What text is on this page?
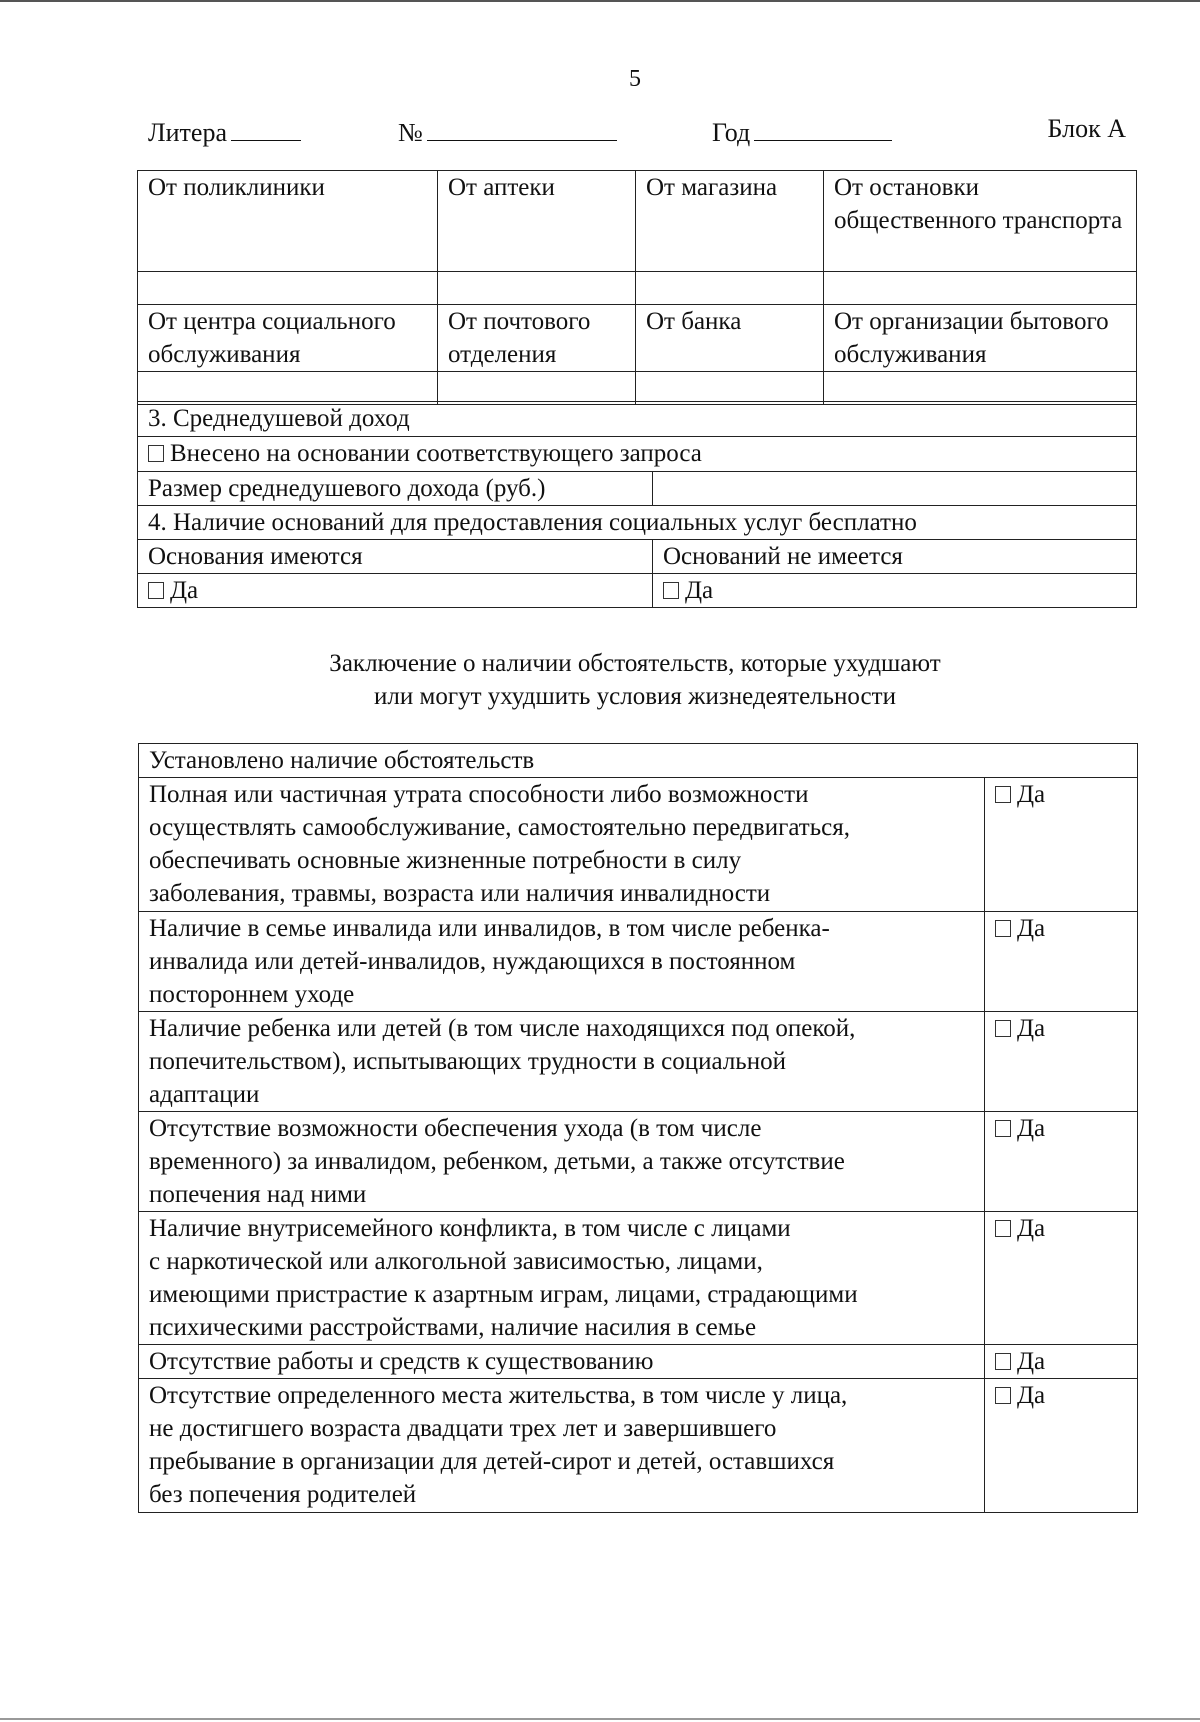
5
Литера	№	Год	Блок А
От поликлиники	От аптеки	От магазина	От остановки общественного транспорта

От центра социального обслуживания	От почтового отделения	От банка	От организации бытового обслуживания

3. Среднедушевой доход	
Внесено на основании соответствующего запроса	
Размер среднедушевого дохода (руб.)	
4. Наличие оснований для предоставления социальных услуг бесплатно	
Основания имеются	Оснований не имеется
Да	Да
Заключение о наличии обстоятельств, которые ухудшают
или могут ухудшить условия жизнедеятельности
Установлено наличие обстоятельств	

Полная или частичная утрата способности либо возможности
осуществлять самообслуживание, самостоятельно передвигаться,
обеспечивать основные жизненные потребности в силу
заболевания, травмы, возраста или наличия инвалидности	Да

Наличие в семье инвалида или инвалидов, в том числе ребенка-
инвалида или детей-инвалидов, нуждающихся в постоянном
постороннем уходе	Да

Наличие ребенка или детей (в том числе находящихся под опекой,
попечительством), испытывающих трудности в социальной
адаптации	Да

Отсутствие возможности обеспечения ухода (в том числе
временного) за инвалидом, ребенком, детьми, а также отсутствие
попечения над ними	Да

Наличие внутрисемейного конфликта, в том числе с лицами
с наркотической или алкогольной зависимостью, лицами,
имеющими пристрастие к азартным играм, лицами, страдающими
психическими расстройствами, наличие насилия в семье	Да

Отсутствие работы и средств к существованию	Да

Отсутствие определенного места жительства, в том числе у лица,
не достигшего возраста двадцати трех лет и завершившего
пребывание в организации для детей-сирот и детей, оставшихся
без попечения родителей	Да
